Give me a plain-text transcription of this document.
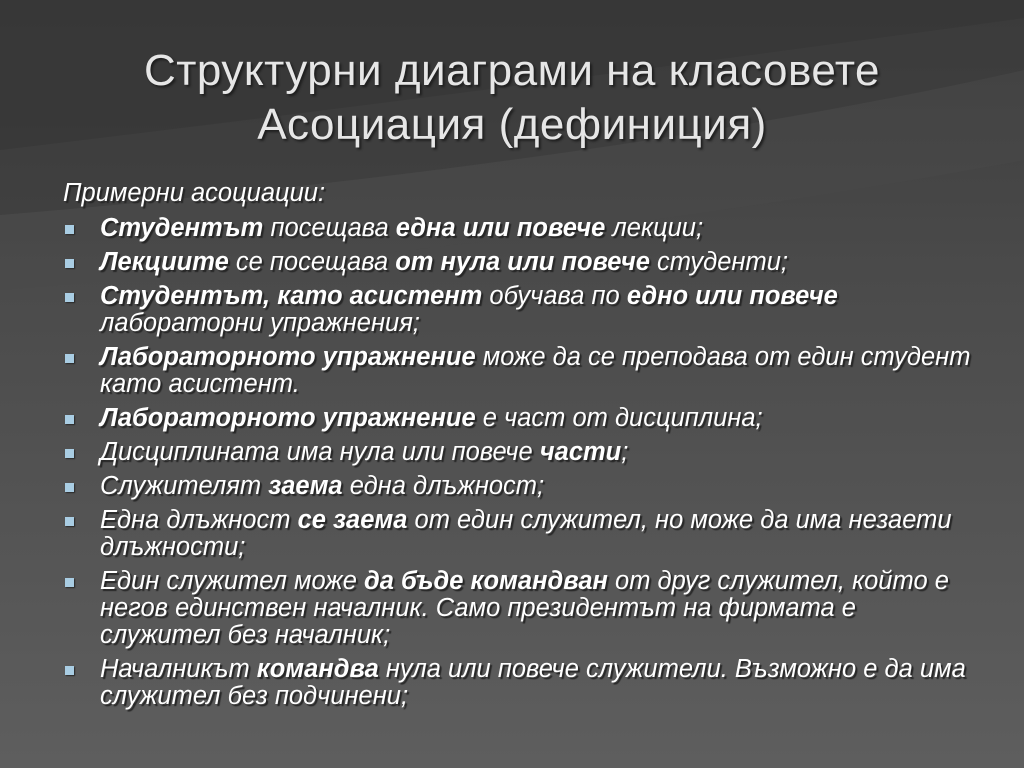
Структурни диаграми на класовете
Асоциация (дефиниция)
Примерни асоциации:
Студентът посещава една или повече лекции;
Лекциите се посещава от нула или повече студенти;
Студентът, като асистент обучава по едно или повече лабораторни упражнения;
Лабораторното упражнение може да се преподава от един студент като асистент.
Лабораторното упражнение е част от дисциплина;
Дисциплината има нула или повече части;
Служителят заема една длъжност;
Една длъжност се заема от един служител, но може да има незаети длъжности;
Един служител може да бъде командван от друг служител, който е негов единствен началник. Само президентът на фирмата е служител без началник;
Началникът командва нула или повече служители. Възможно е да има служител без подчинени;
